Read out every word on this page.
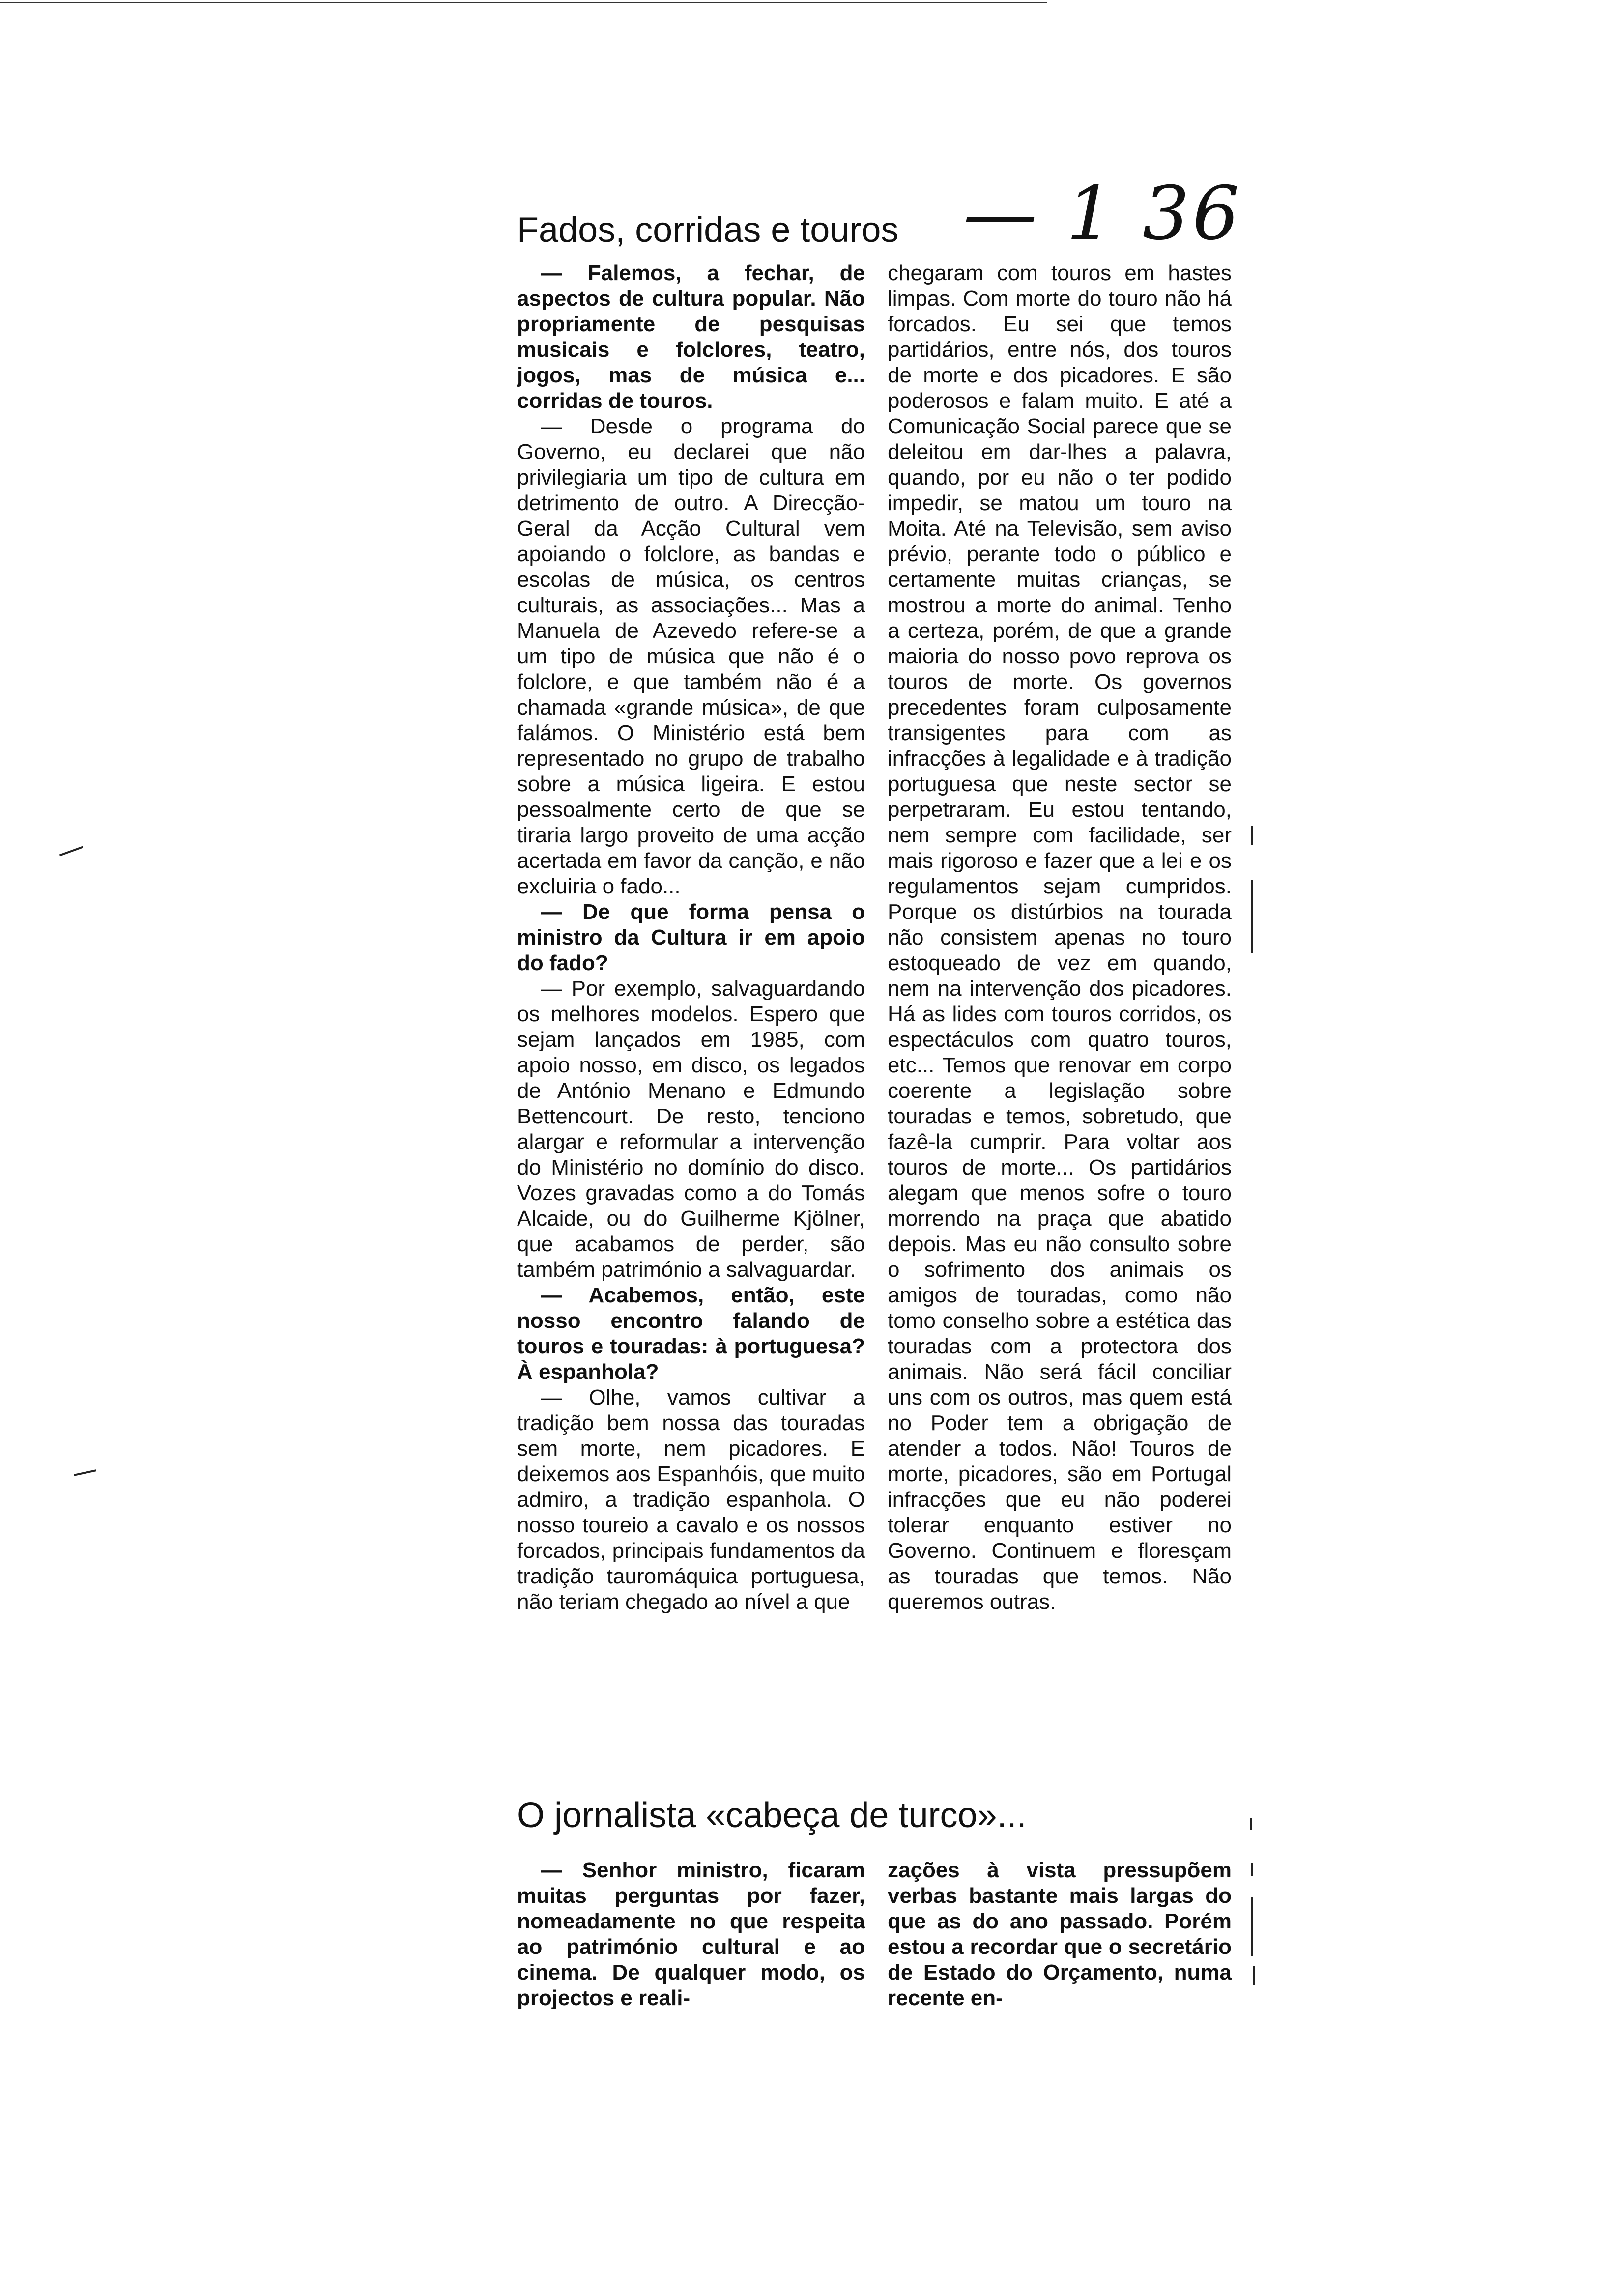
— 1 36
Fados, corridas e touros

— Falemos, a fechar, de aspectos de cultura popular. Não propriamente de pesquisas musicais e folclores, teatro, jogos, mas de música e... corridas de touros.

— Desde o programa do Governo, eu declarei que não privilegiaria um tipo de cultura em detrimento de outro. A Direcção-Geral da Acção Cultural vem apoiando o folclore, as bandas e escolas de música, os centros culturais, as associações... Mas a Manuela de Azevedo refere-se a um tipo de música que não é o folclore, e que também não é a chamada «grande música», de que falámos. O Ministério está bem representado no grupo de trabalho sobre a música ligeira. E estou pessoalmente certo de que se tiraria largo proveito de uma acção acertada em favor da canção, e não excluiria o fado...

— De que forma pensa o ministro da Cultura ir em apoio do fado?

— Por exemplo, salvaguardando os melhores modelos. Espero que sejam lançados em 1985, com apoio nosso, em disco, os legados de António Menano e Edmundo Bettencourt. De resto, tenciono alargar e reformular a intervenção do Ministério no domínio do disco. Vozes gravadas como a do Tomás Alcaide, ou do Guilherme Kjölner, que acabamos de perder, são também património a salvaguardar.

— Acabemos, então, este nosso encontro falando de touros e touradas: à portuguesa? À espanhola?

— Olhe, vamos cultivar a tradição bem nossa das touradas sem morte, nem picadores. E deixemos aos Espanhóis, que muito admiro, a tradição espanhola. O nosso toureio a cavalo e os nossos forcados, principais fundamentos da tradição tauromáquica portuguesa, não teriam chegado ao nível a que

chegaram com touros em hastes limpas. Com morte do touro não há forcados. Eu sei que temos partidários, entre nós, dos touros de morte e dos picadores. E são poderosos e falam muito. E até a Comunicação Social parece que se deleitou em dar-lhes a palavra, quando, por eu não o ter podido impedir, se matou um touro na Moita. Até na Televisão, sem aviso prévio, perante todo o público e certamente muitas crianças, se mostrou a morte do animal. Tenho a certeza, porém, de que a grande maioria do nosso povo reprova os touros de morte. Os governos precedentes foram culposamente transigentes para com as infracções à legalidade e à tradição portuguesa que neste sector se perpetraram. Eu estou tentando, nem sempre com facilidade, ser mais rigoroso e fazer que a lei e os regulamentos sejam cumpridos. Porque os distúrbios na tourada não consistem apenas no touro estoqueado de vez em quando, nem na intervenção dos picadores. Há as lides com touros corridos, os espectáculos com quatro touros, etc... Temos que renovar em corpo coerente a legislação sobre touradas e temos, sobretudo, que fazê-la cumprir. Para voltar aos touros de morte... Os partidários alegam que menos sofre o touro morrendo na praça que abatido depois. Mas eu não consulto sobre o sofrimento dos animais os amigos de touradas, como não tomo conselho sobre a estética das touradas com a protectora dos animais. Não será fácil conciliar uns com os outros, mas quem está no Poder tem a obrigação de atender a todos. Não! Touros de morte, picadores, são em Portugal infracções que eu não poderei tolerar enquanto estiver no Governo. Continuem e floresçam as touradas que temos. Não queremos outras.

O jornalista «cabeça de turco»...

— Senhor ministro, ficaram muitas perguntas por fazer, nomeadamente no que respeita ao património cultural e ao cinema. De qualquer modo, os projectos e reali-

zações à vista pressupõem verbas bastante mais largas do que as do ano passado. Porém estou a recordar que o secretário de Estado do Orçamento, numa recente en-
